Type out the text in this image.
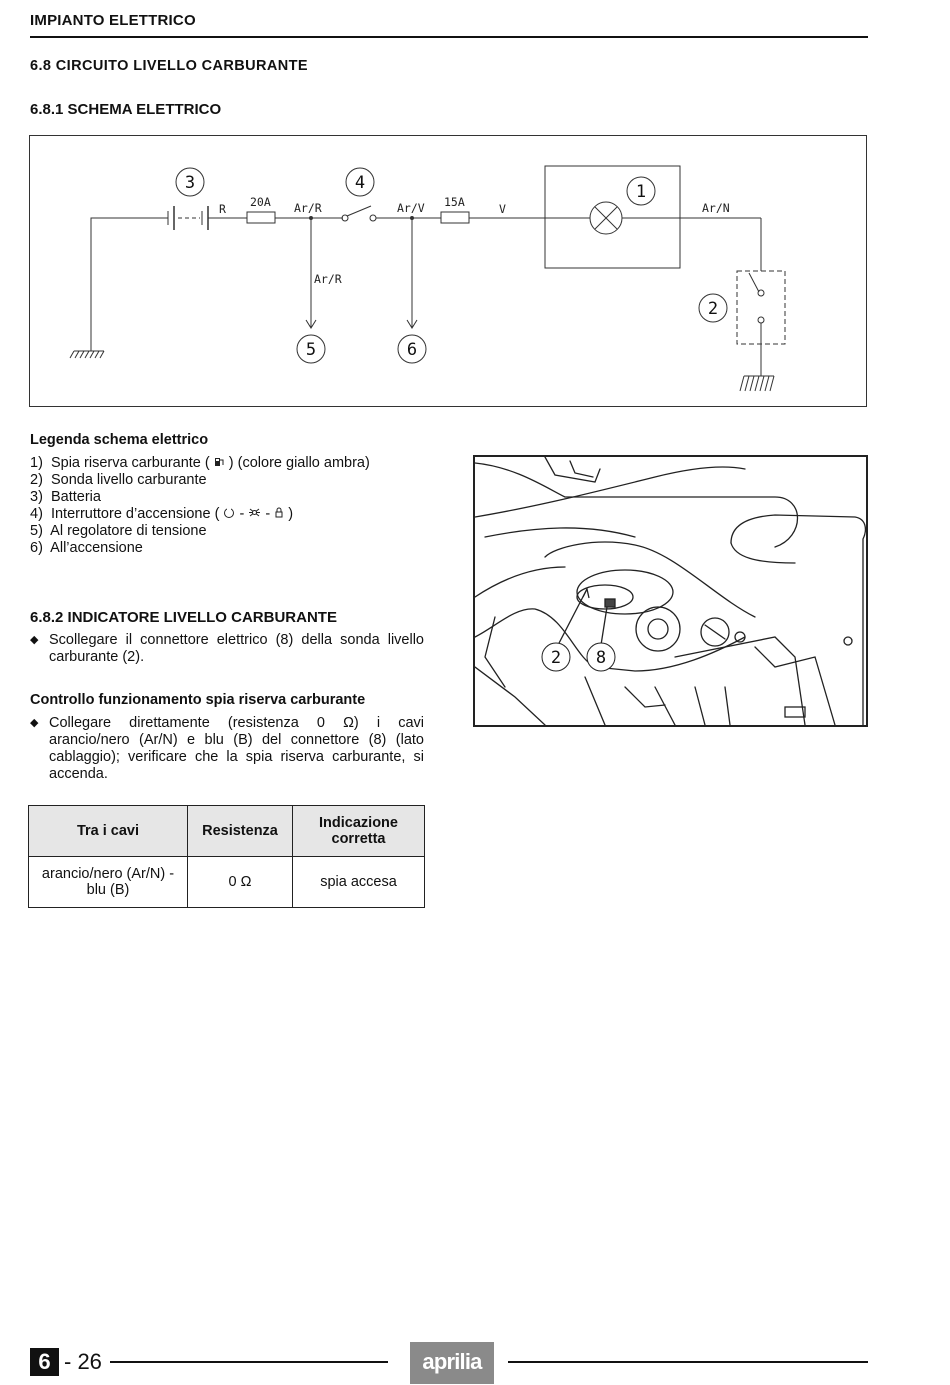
IMPIANTO ELETTRICO
6.8 CIRCUITO LIVELLO CARBURANTE
6.8.1 SCHEMA ELETTRICO
R 20A Ar/R
Ar/R
Ar/V 15A	V	Ar/N
1
2
3	4
5	6
Legenda schema elettrico
1) Spia riserva carburante ( ) (colore giallo ambra)
2) Sonda livello carburante
3) Batteria
4) Interruttore d’accensione (  -  -  )
5) Al regolatore di tensione
6) All’accensione
6.8.2 INDICATORE LIVELLO CARBURANTE
◆ Scollegare il connettore elettrico (8) della sonda livello carburante (2).
Controllo funzionamento spia riserva carburante
◆ Collegare direttamente (resistenza 0 Ω) i cavi arancio/nero (Ar/N) e blu (B) del connettore (8) (lato cablaggio); verificare che la spia riserva carburante, si accenda.
2 8
Tra i cavi	Resistenza	Indicazione corretta
arancio/nero (Ar/N) - blu (B)	0 Ω	spia accesa
6 - 26	aprilia
